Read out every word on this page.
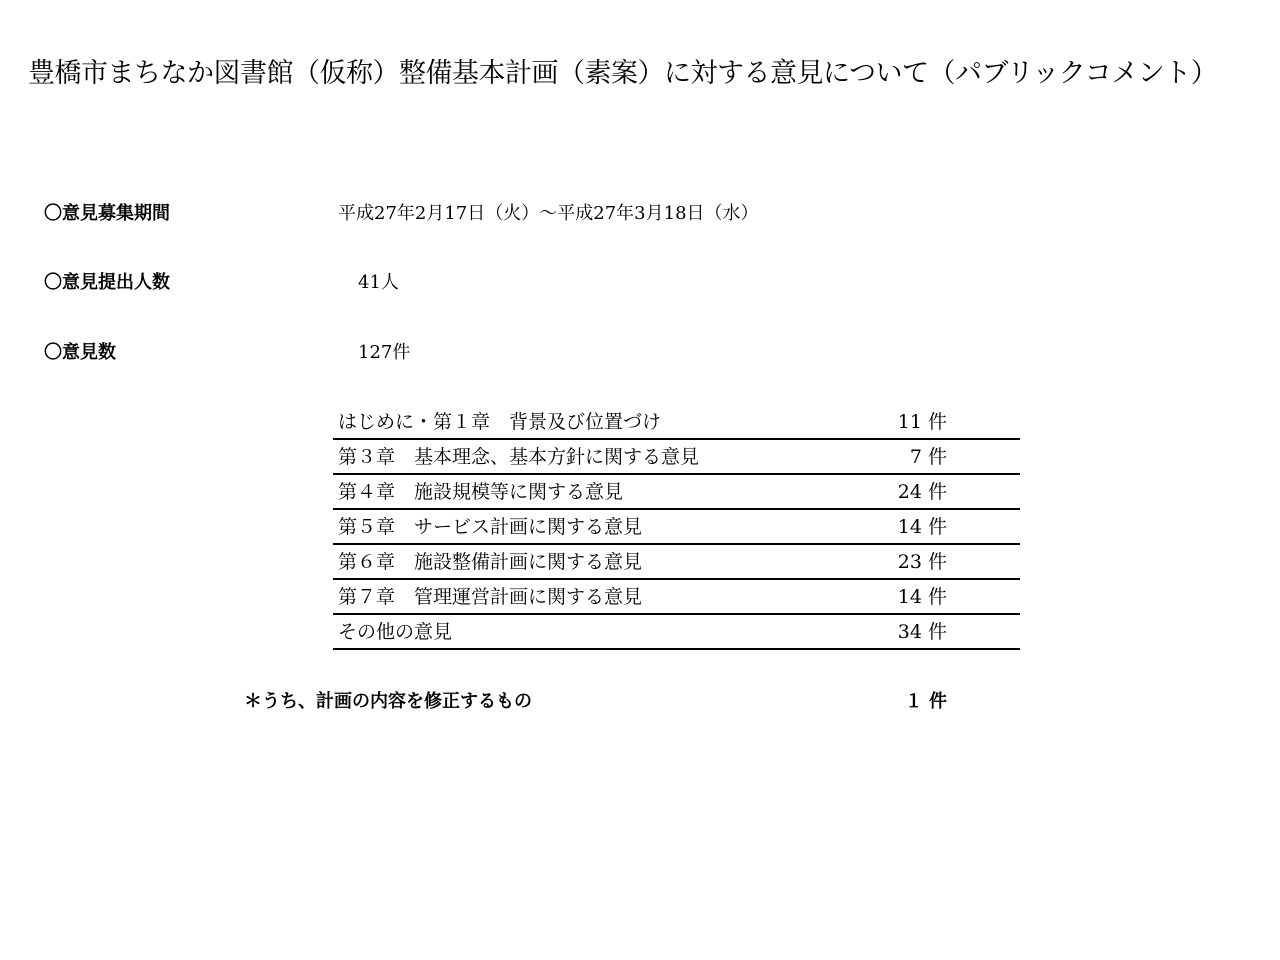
豊橋市まちなか図書館（仮称）整備基本計画（素案）に対する意見について（パブリックコメント）
〇意見募集期間	平成27年2月17日（火）～平成27年3月18日（水）
〇意見提出人数	41人
〇意見数	127件
はじめに・第１章　背景及び位置づけ	11 件
第３章　基本理念、基本方針に関する意見	7 件
第４章　施設規模等に関する意見	24 件
第５章　サービス計画に関する意見	14 件
第６章　施設整備計画に関する意見	23 件
第７章　管理運営計画に関する意見	14 件
その他の意見	34 件
＊うち、計画の内容を修正するもの	１ 件
